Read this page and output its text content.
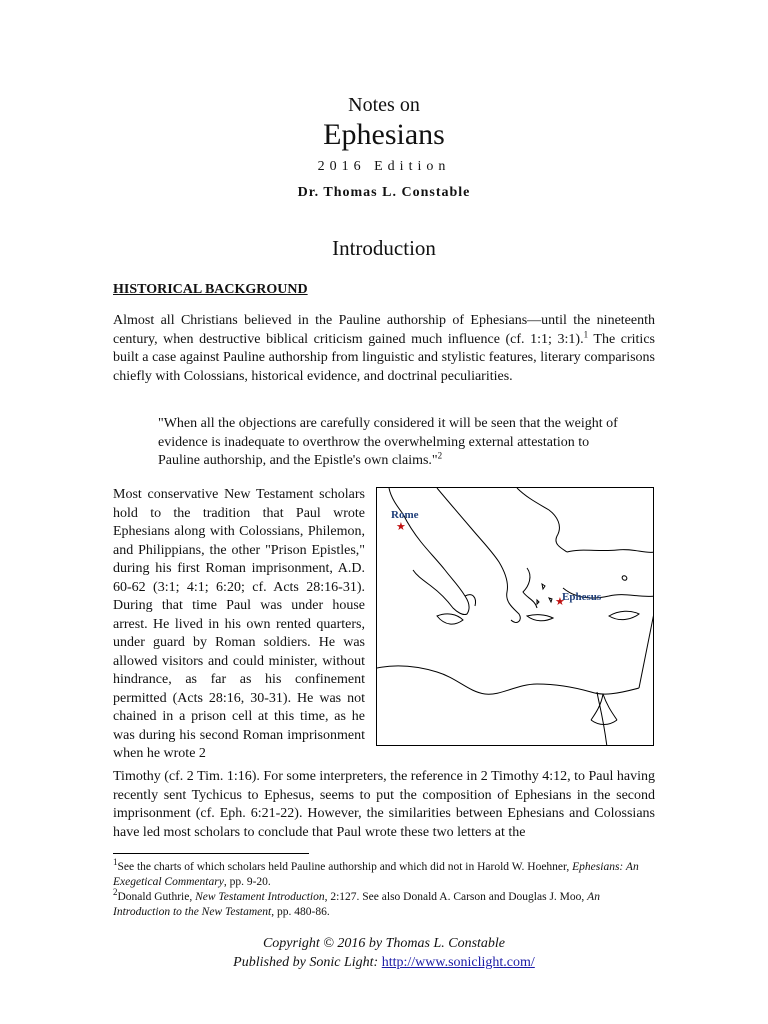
Notes on
Ephesians
2016 Edition
Dr. Thomas L. Constable
Introduction
HISTORICAL BACKGROUND
Almost all Christians believed in the Pauline authorship of Ephesians—until the nineteenth century, when destructive biblical criticism gained much influence (cf. 1:1; 3:1).$^1$ The critics built a case against Pauline authorship from linguistic and stylistic features, literary comparisons chiefly with Colossians, historical evidence, and doctrinal peculiarities.
"When all the objections are carefully considered it will be seen that the weight of evidence is inadequate to overthrow the overwhelming external attestation to Pauline authorship, and the Epistle's own claims."$^2$
Most conservative New Testament scholars hold to the tradition that Paul wrote Ephesians along with Colossians, Philemon, and Philippians, the other "Prison Epistles," during his first Roman imprisonment, A.D. 60-62 (3:1; 4:1; 6:20; cf. Acts 28:16-31). During that time Paul was under house arrest. He lived in his own rented quarters, under guard by Roman soldiers. He was allowed visitors and could minister, without hindrance, as far as his confinement permitted (Acts 28:16, 30-31). He was not chained in a prison cell at this time, as he was during his second Roman imprisonment when he wrote 2
★
Rome
★
Ephesus
Timothy (cf. 2 Tim. 1:16). For some interpreters, the reference in 2 Timothy 4:12, to Paul having recently sent Tychicus to Ephesus, seems to put the composition of Ephesians in the second imprisonment (cf. Eph. 6:21-22). However, the similarities between Ephesians and Colossians have led most scholars to conclude that Paul wrote these two letters at the
$^1$See the charts of which scholars held Pauline authorship and which did not in Harold W. Hoehner, Ephesians: An Exegetical Commentary, pp. 9-20.
$^2$Donald Guthrie, New Testament Introduction, 2:127. See also Donald A. Carson and Douglas J. Moo, An Introduction to the New Testament, pp. 480-86.
Copyright © 2016 by Thomas L. Constable
Published by Sonic Light: http://www.soniclight.com/
